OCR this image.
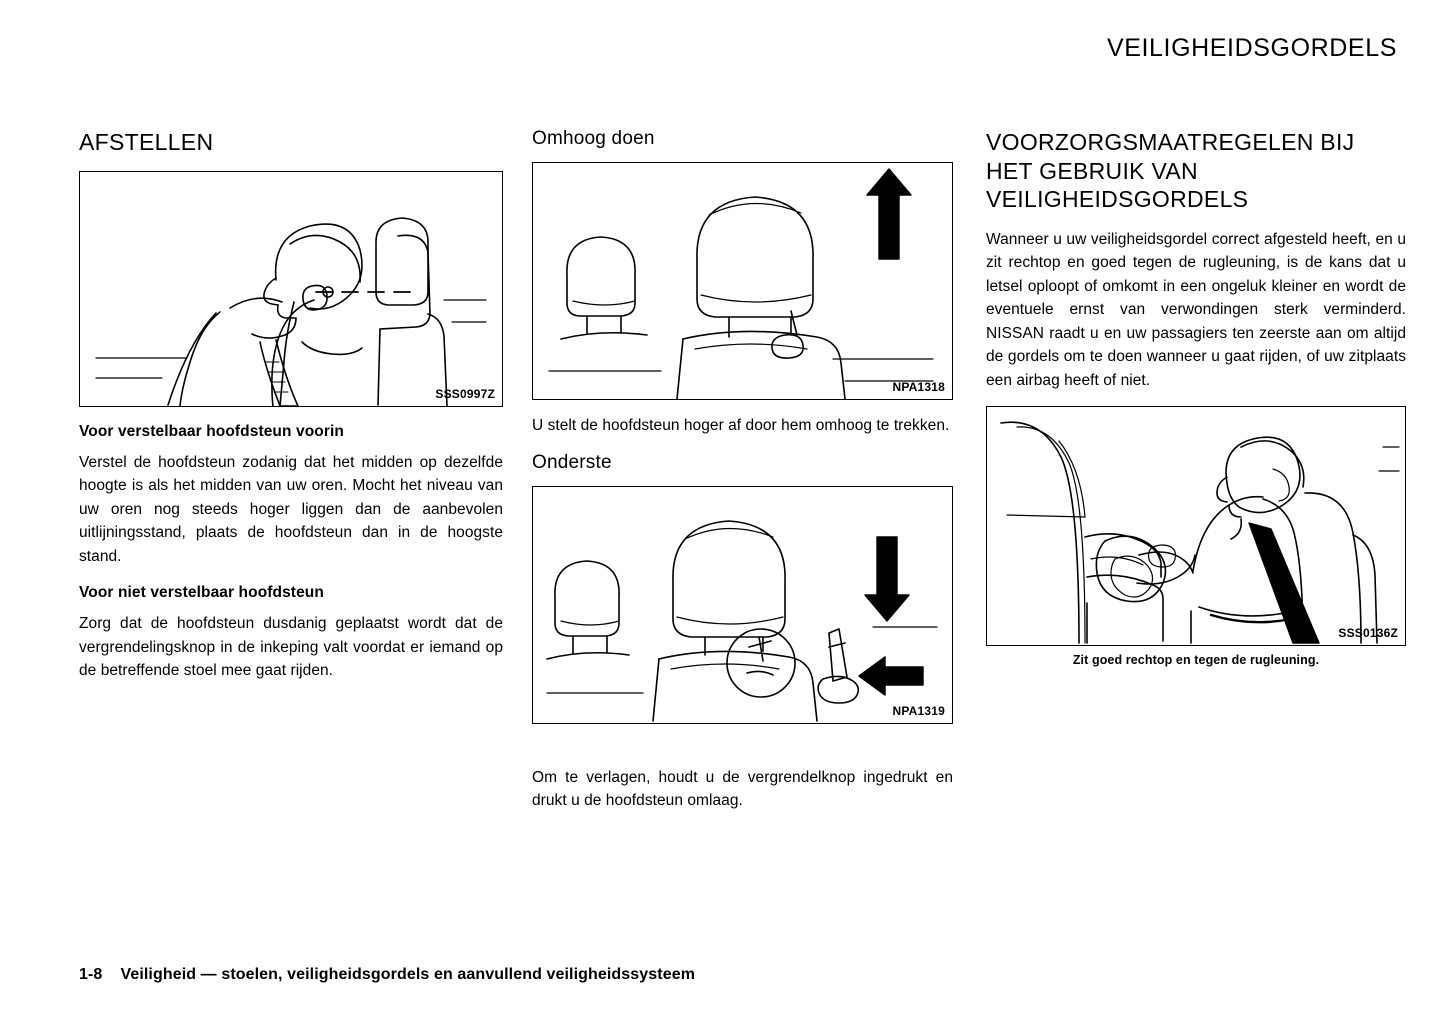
VEILIGHEIDSGORDELS
AFSTELLEN
SSS0997Z
Voor verstelbaar hoofdsteun voorin

Verstel de hoofdsteun zodanig dat het midden op dezelfde hoogte is als het midden van uw oren. Mocht het niveau van uw oren nog steeds hoger liggen dan de aanbevolen uitlijningsstand, plaats de hoofdsteun dan in de hoogste stand.

Voor niet verstelbaar hoofdsteun

Zorg dat de hoofdsteun dusdanig geplaatst wordt dat de vergrendelingsknop in de inkeping valt voordat er iemand op de betreffende stoel mee gaat rijden.

Omhoog doen
NPA1318

U stelt de hoofdsteun hoger af door hem omhoog te trekken.

Onderste
NPA1319

Om te verlagen, houdt u de vergrendelknop ingedrukt en drukt u de hoofdsteun omlaag.

VOORZORGSMAATREGELEN BIJ HET GEBRUIK VAN VEILIGHEIDSGORDELS

Wanneer u uw veiligheidsgordel correct afgesteld heeft, en u zit rechtop en goed tegen de rugleuning, is de kans dat u letsel oploopt of omkomt in een ongeluk kleiner en wordt de eventuele ernst van verwondingen sterk verminderd. NISSAN raadt u en uw passagiers ten zeerste aan om altijd de gordels om te doen wanneer u gaat rijden, of uw zitplaats een airbag heeft of niet.

SSS0136Z
Zit goed rechtop en tegen de rugleuning.
1-8 Veiligheid — stoelen, veiligheidsgordels en aanvullend veiligheidssysteem
